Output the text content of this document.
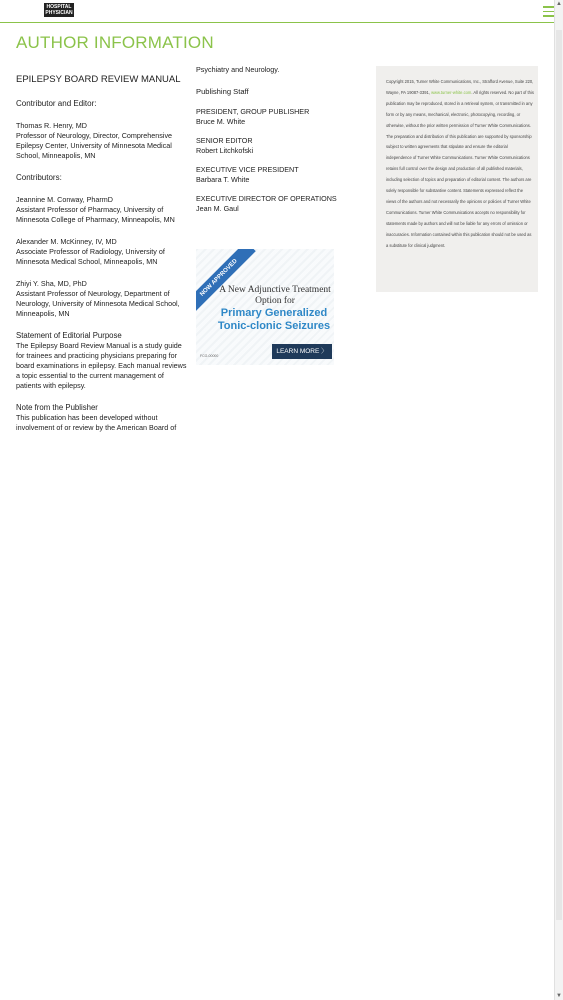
HOSPITAL PHYSICIAN
AUTHOR INFORMATION
EPILEPSY BOARD REVIEW MANUAL
Contributor and Editor:
Thomas R. Henry, MD
Professor of Neurology, Director, Comprehensive Epilepsy Center, University of Minnesota Medical School, Minneapolis, MN
Contributors:
Jeannine M. Conway, PharmD
Assistant Professor of Pharmacy, University of Minnesota College of Pharmacy, Minneapolis, MN
Alexander M. McKinney, IV, MD
Associate Professor of Radiology, University of Minnesota Medical School, Minneapolis, MN
Zhiyi Y. Sha, MD, PhD
Assistant Professor of Neurology, Department of Neurology, University of Minnesota Medical School, Minneapolis, MN
Statement of Editorial Purpose
The Epilepsy Board Review Manual is a study guide for trainees and practicing physicians preparing for board examinations in epilepsy. Each manual reviews a topic essential to the current management of patients with epilepsy.
Note from the Publisher
This publication has been developed without involvement of or review by the American Board of
Psychiatry and Neurology.
Publishing Staff
PRESIDENT, GROUP PUBLISHER
Bruce M. White
SENIOR EDITOR
Robert Litchkofski
EXECUTIVE VICE PRESIDENT
Barbara T. White
EXECUTIVE DIRECTOR OF OPERATIONS
Jean M. Gaul
NOW APPROVED
A New Adjunctive Treatment Option for
Primary Generalized Tonic-clonic Seizures
FCG-00000
LEARN MORE 〉
Copyright 2015, Turner White Communications, Inc., Strafford Avenue, Suite 220, Wayne, PA 19087-3391, www.turner-white.com. All rights reserved. No part of this publication may be reproduced, stored in a retrieval system, or transmitted in any form or by any means, mechanical, electronic, photocopying, recording, or otherwise, without the prior written permission of Turner White Communications. The preparation and distribution of this publication are supported by sponsorship subject to written agreements that stipulate and ensure the editorial independence of Turner White Communications. Turner White Communications retains full control over the design and production of all published materials, including selection of topics and preparation of editorial content. The authors are solely responsible for substantive content. Statements expressed reflect the views of the authors and not necessarily the opinions or policies of Turner White Communications. Turner White Communications accepts no responsibility for statements made by authors and will not be liable for any errors of omission or inaccuracies. Information contained within this publication should not be used as a substitute for clinical judgment.
▲
▼
